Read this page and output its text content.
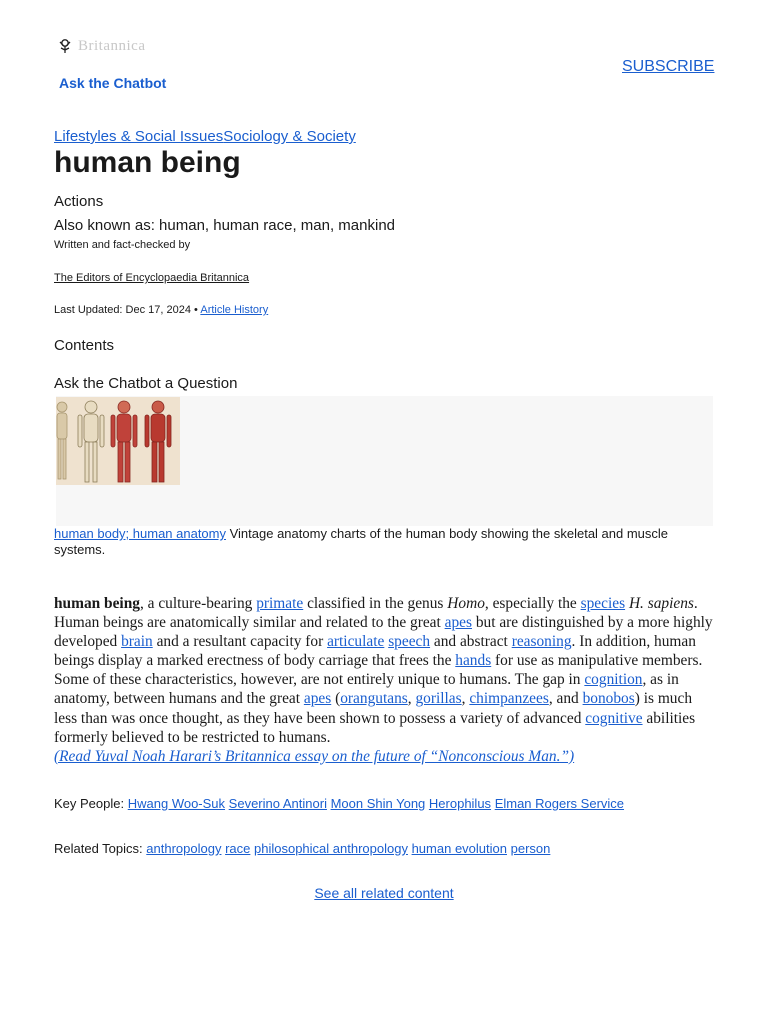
Britannica
Ask the Chatbot
SUBSCRIBE
Lifestyles & Social IssuesSociology & Society
human being
Actions
Also known as: human, human race, man, mankind
Written and fact-checked by
The Editors of Encyclopaedia Britannica
Last Updated: Dec 17, 2024 • Article History
Contents
Ask the Chatbot a Question
human body; human anatomy Vintage anatomy charts of the human body showing the skeletal and muscle systems.

human being, a culture-bearing primate classified in the genus Homo, especially the species H. sapiens. Human beings are anatomically similar and related to the great apes but are distinguished by a more highly developed brain and a resultant capacity for articulate speech and abstract reasoning. In addition, human beings display a marked erectness of body carriage that frees the hands for use as manipulative members. Some of these characteristics, however, are not entirely unique to humans. The gap in cognition, as in anatomy, between humans and the great apes (orangutans, gorillas, chimpanzees, and bonobos) is much less than was once thought, as they have been shown to possess a variety of advanced cognitive abilities formerly believed to be restricted to humans.
(Read Yuval Noah Harari’s Britannica essay on the future of “Nonconscious Man.”)

Key People: Hwang Woo-Suk Severino Antinori Moon Shin Yong Herophilus Elman Rogers Service
Related Topics: anthropology race philosophical anthropology human evolution person
See all related content
